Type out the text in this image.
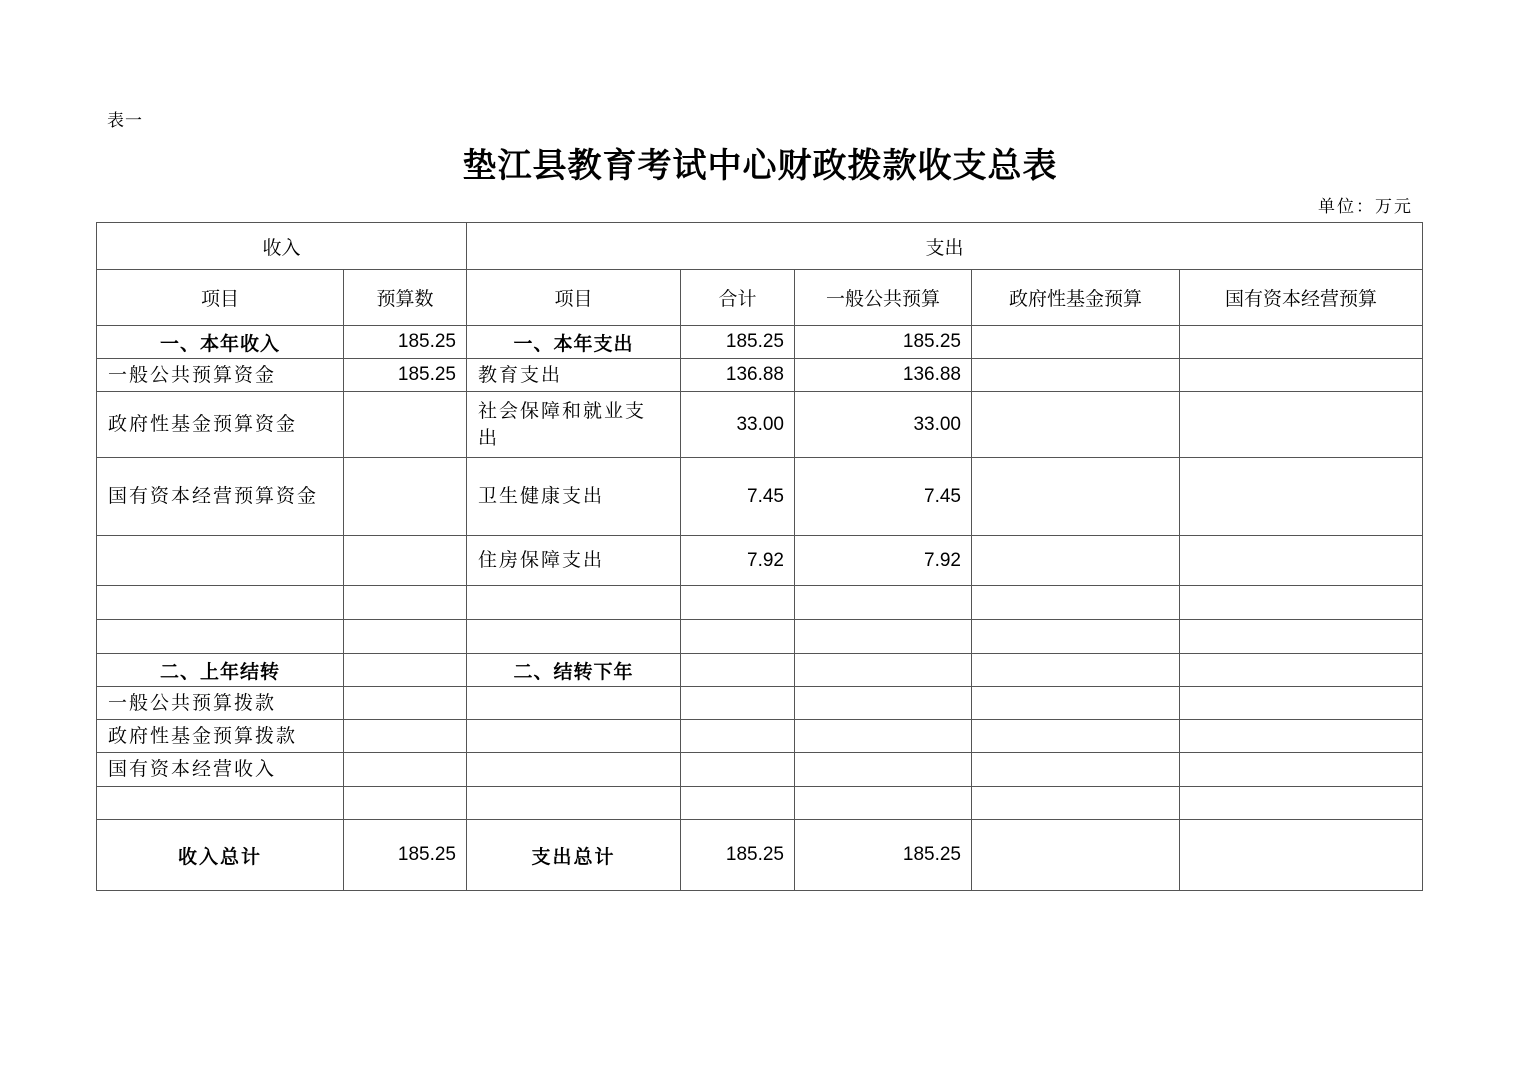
表一
垫江县教育考试中心财政拨款收支总表
单位：万元
收入		支出				
项目	预算数	项目	合计	一般公共预算	政府性基金预算	国有资本经营预算
一、本年收入	185.25	一、本年支出	185.25	185.25		
一般公共预算资金	185.25	教育支出	136.88	136.88		
政府性基金预算资金		社会保障和就业支出	33.00	33.00		
国有资本经营预算资金		卫生健康支出	7.45	7.45		
		住房保障支出	7.92	7.92		

二、上年结转		二、结转下年				
一般公共预算拨款						
政府性基金预算拨款						
国有资本经营收入						

收入总计	185.25	支出总计	185.25	185.25		
